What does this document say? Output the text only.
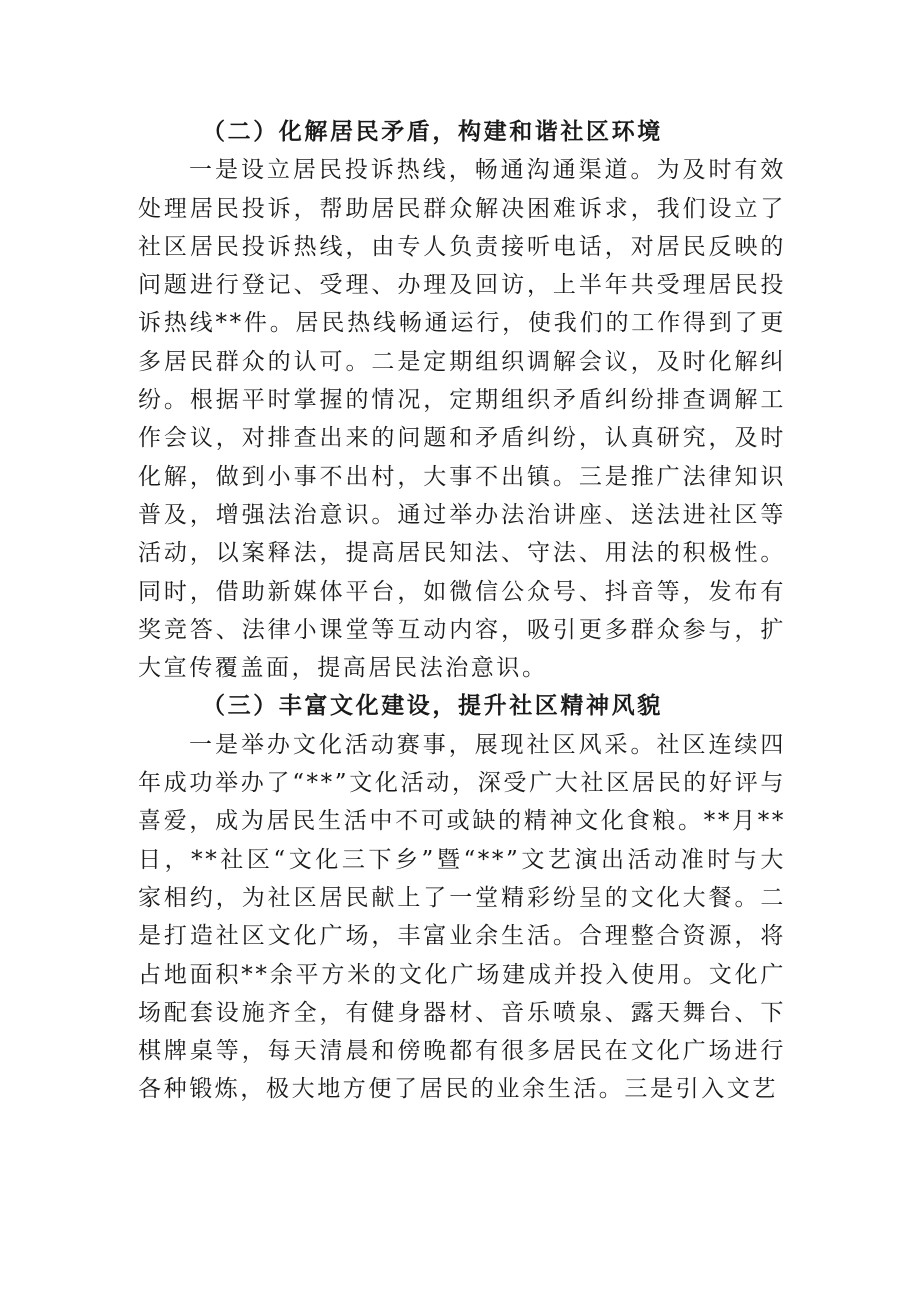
（二）化解居民矛盾，构建和谐社区环境

一是设立居民投诉热线，畅通沟通渠道。为及时有效处理居民投诉，帮助居民群众解决困难诉求，我们设立了社区居民投诉热线，由专人负责接听电话，对居民反映的问题进行登记、受理、办理及回访，上半年共受理居民投诉热线**件。居民热线畅通运行，使我们的工作得到了更多居民群众的认可。二是定期组织调解会议，及时化解纠纷。根据平时掌握的情况，定期组织矛盾纠纷排查调解工作会议，对排查出来的问题和矛盾纠纷，认真研究，及时化解，做到小事不出村，大事不出镇。三是推广法律知识普及，增强法治意识。通过举办法治讲座、送法进社区等活动，以案释法，提高居民知法、守法、用法的积极性。同时，借助新媒体平台，如微信公众号、抖音等，发布有奖竞答、法律小课堂等互动内容，吸引更多群众参与，扩大宣传覆盖面，提高居民法治意识。

（三）丰富文化建设，提升社区精神风貌

一是举办文化活动赛事，展现社区风采。社区连续四年成功举办了“**”文化活动，深受广大社区居民的好评与喜爱，成为居民生活中不可或缺的精神文化食粮。**月**日，**社区“文化三下乡”暨“**”文艺演出活动准时与大家相约，为社区居民献上了一堂精彩纷呈的文化大餐。二是打造社区文化广场，丰富业余生活。合理整合资源，将占地面积**余平方米的文化广场建成并投入使用。文化广场配套设施齐全，有健身器材、音乐喷泉、露天舞台、下棋牌桌等，每天清晨和傍晚都有很多居民在文化广场进行各种锻炼，极大地方便了居民的业余生活。三是引入文艺
